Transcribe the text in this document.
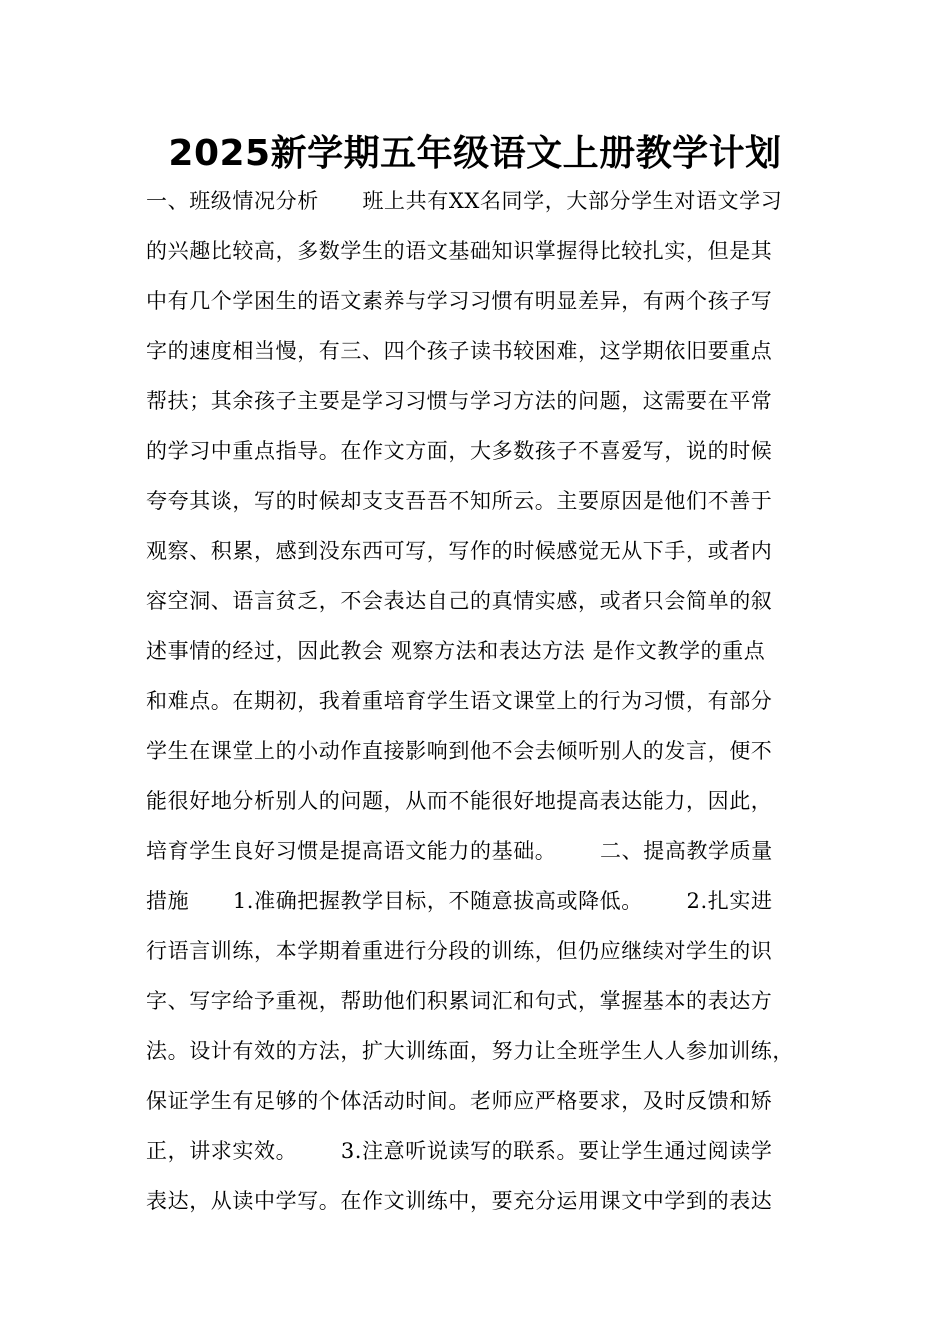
2025新学期五年级语文上册教学计划
一、班级情况分析      班上共有XX名同学，大部分学生对语文学习
的兴趣比较高，多数学生的语文基础知识掌握得比较扎实，但是其
中有几个学困生的语文素养与学习习惯有明显差异，有两个孩子写
字的速度相当慢，有三、四个孩子读书较困难，这学期依旧要重点
帮扶；其余孩子主要是学习习惯与学习方法的问题，这需要在平常
的学习中重点指导。在作文方面，大多数孩子不喜爱写，说的时候
夸夸其谈，写的时候却支支吾吾不知所云。主要原因是他们不善于
观察、积累，感到没东西可写，写作的时候感觉无从下手，或者内
容空洞、语言贫乏，不会表达自己的真情实感，或者只会简单的叙
述事情的经过，因此教会 观察方法和表达方法 是作文教学的重点
和难点。在期初，我着重培育学生语文课堂上的行为习惯，有部分
学生在课堂上的小动作直接影响到他不会去倾听别人的发言，便不
能很好地分析别人的问题，从而不能很好地提高表达能力，因此，
培育学生良好习惯是提高语文能力的基础。      二、提高教学质量
措施      1.准确把握教学目标，不随意拔高或降低。      2.扎实进
行语言训练，本学期着重进行分段的训练，但仍应继续对学生的识
字、写字给予重视，帮助他们积累词汇和句式，掌握基本的表达方
法。设计有效的方法，扩大训练面，努力让全班学生人人参加训练，
保证学生有足够的个体活动时间。老师应严格要求，及时反馈和矫
正，讲求实效。      3.注意听说读写的联系。要让学生通过阅读学
表达，从读中学写。在作文训练中，要充分运用课文中学到的表达
